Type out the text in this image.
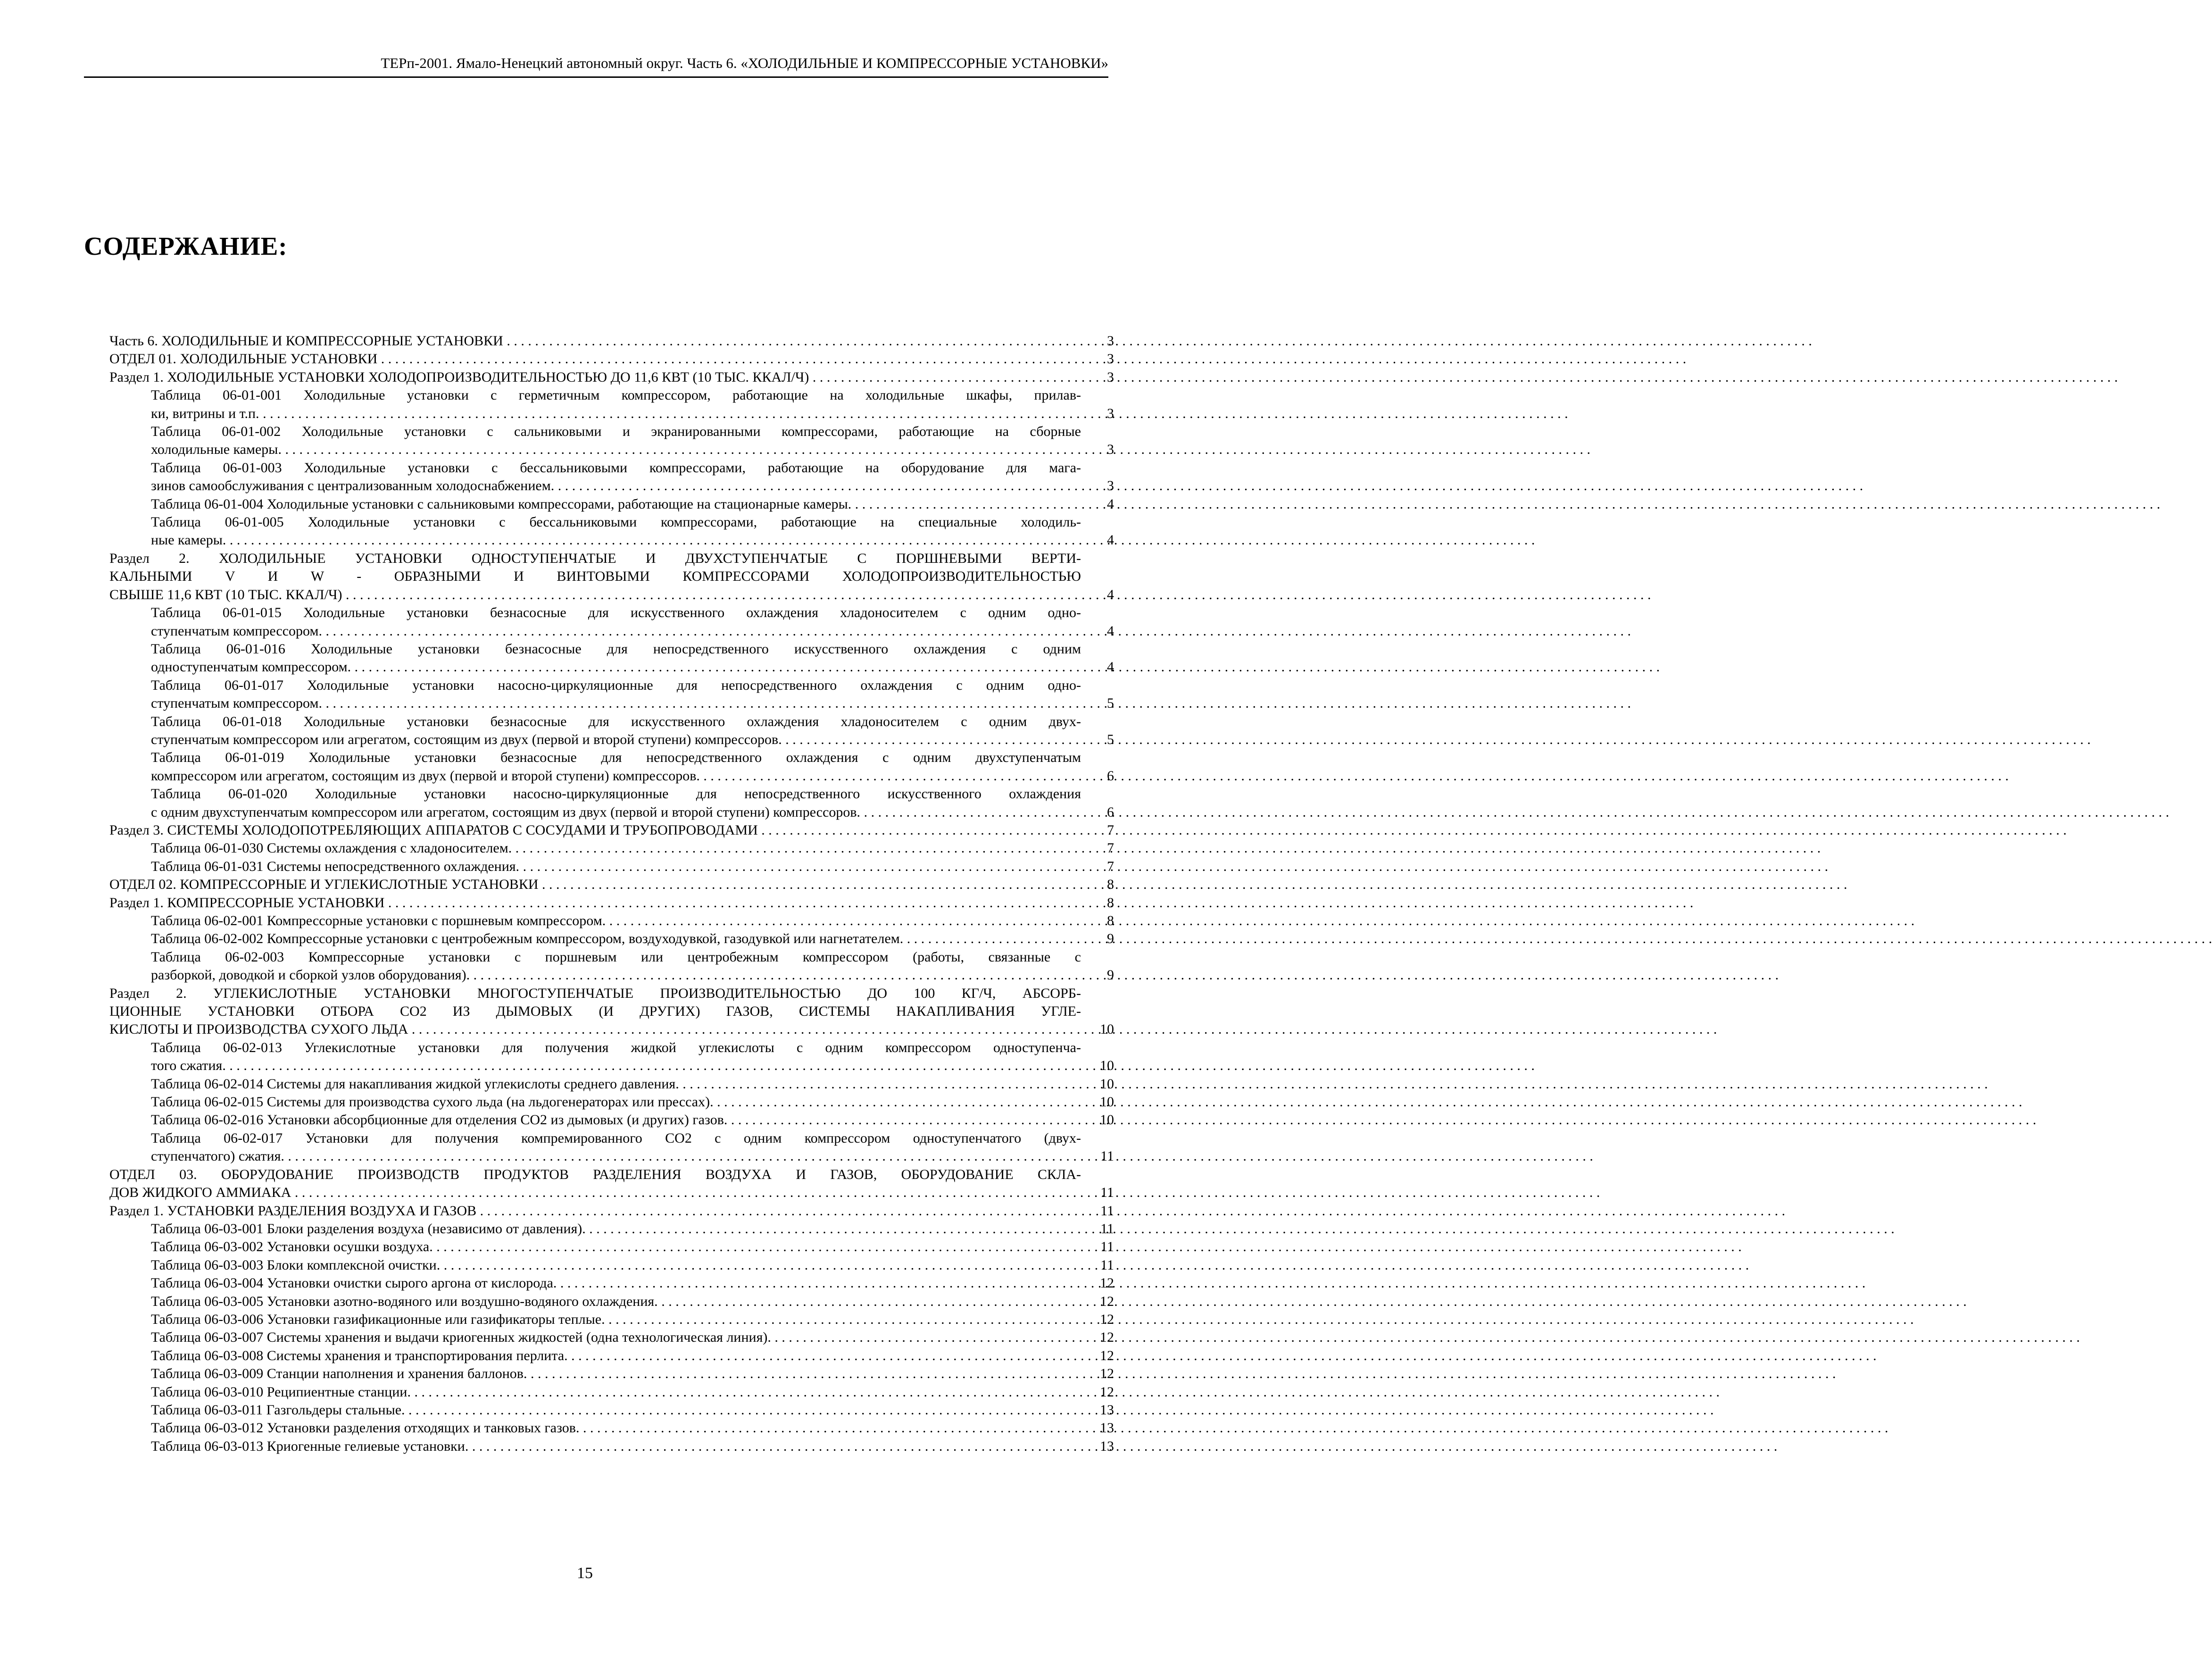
ТЕРп-2001. Ямало-Ненецкий автономный округ. Часть 6. «ХОЛОДИЛЬНЫЕ И КОМПРЕССОРНЫЕ УСТАНОВКИ»
СОДЕРЖАНИЕ:
Часть 6. ХОЛОДИЛЬНЫЕ И КОМПРЕССОРНЫЕ УСТАНОВКИ . . .	3
ОТДЕЛ 01. ХОЛОДИЛЬНЫЕ УСТАНОВКИ . . .	3
Раздел 1. ХОЛОДИЛЬНЫЕ УСТАНОВКИ ХОЛОДОПРОИЗВОДИТЕЛЬНОСТЬЮ ДО 11,6 КВТ (10 ТЫС. ККАЛ/Ч) . . .	3
Таблица 06-01-001 Холодильные установки с герметичным компрессором, работающие на холодильные шкафы, прилав-
ки, витрины и т.п. . . .	3
Таблица 06-01-002 Холодильные установки с сальниковыми и экранированными компрессорами, работающие на сборные
холодильные камеры. . . .	3
Таблица 06-01-003 Холодильные установки с бессальниковыми компрессорами, работающие на оборудование для мага-
зинов самообслуживания с централизованным холодоснабжением. . . .	3
Таблица 06-01-004 Холодильные установки с сальниковыми компрессорами, работающие на стационарные камеры. . . .	4
Таблица 06-01-005 Холодильные установки с бессальниковыми компрессорами, работающие на специальные холодиль-
ные камеры. . . .	4
Раздел 2. ХОЛОДИЛЬНЫЕ УСТАНОВКИ ОДНОСТУПЕНЧАТЫЕ И ДВУХСТУПЕНЧАТЫЕ С ПОРШНЕВЫМИ ВЕРТИ-
КАЛЬНЫМИ V И W - ОБРАЗНЫМИ И ВИНТОВЫМИ КОМПРЕССОРАМИ ХОЛОДОПРОИЗВОДИТЕЛЬНОСТЬЮ
СВЫШЕ 11,6 КВТ (10 ТЫС. ККАЛ/Ч) . . .	4
Таблица 06-01-015 Холодильные установки безнасосные для искусственного охлаждения хладоносителем с одним одно-
ступенчатым компрессором. . . .	4
Таблица 06-01-016 Холодильные установки безнасосные для непосредственного искусственного охлаждения с одним
одноступенчатым компрессором. . . .	4
Таблица 06-01-017 Холодильные установки насосно-циркуляционные для непосредственного охлаждения с одним одно-
ступенчатым компрессором. . . .	5
Таблица 06-01-018 Холодильные установки безнасосные для искусственного охлаждения хладоносителем с одним двух-
ступенчатым компрессором или агрегатом, состоящим из двух (первой и второй ступени) компрессоров. . . .	5
Таблица 06-01-019 Холодильные установки безнасосные для непосредственного охлаждения с одним двухступенчатым
компрессором или агрегатом, состоящим из двух (первой и второй ступени) компрессоров. . . .	6
Таблица 06-01-020 Холодильные установки насосно-циркуляционные для непосредственного искусственного охлаждения
с одним двухступенчатым компрессором или агрегатом, состоящим из двух (первой и второй ступени) компрессоров. . . .	6
Раздел 3. СИСТЕМЫ ХОЛОДОПОТРЕБЛЯЮЩИХ АППАРАТОВ С СОСУДАМИ И ТРУБОПРОВОДАМИ . . .	7
Таблица 06-01-030 Системы охлаждения с хладоносителем. . . .	7
Таблица 06-01-031 Системы непосредственного охлаждения. . . .	7
ОТДЕЛ 02. КОМПРЕССОРНЫЕ И УГЛЕКИСЛОТНЫЕ УСТАНОВКИ . . .	8
Раздел 1. КОМПРЕССОРНЫЕ УСТАНОВКИ . . .	8
Таблица 06-02-001 Компрессорные установки с поршневым компрессором. . . .	8
Таблица 06-02-002 Компрессорные установки с центробежным компрессором, воздуходувкой, газодувкой или нагнетателем. . . .	9
Таблица 06-02-003 Компрессорные установки с поршневым или центробежным компрессором (работы, связанные с
разборкой, доводкой и сборкой узлов оборудования). . . .	9
Раздел 2. УГЛЕКИСЛОТНЫЕ УСТАНОВКИ МНОГОСТУПЕНЧАТЫЕ ПРОИЗВОДИТЕЛЬНОСТЬЮ ДО 100 КГ/Ч, АБСОРБ-
ЦИОННЫЕ УСТАНОВКИ ОТБОРА СО2 ИЗ ДЫМОВЫХ (И ДРУГИХ) ГАЗОВ, СИСТЕМЫ НАКАПЛИВАНИЯ УГЛЕ-
КИСЛОТЫ И ПРОИЗВОДСТВА СУХОГО ЛЬДА . . .	10
Таблица 06-02-013 Углекислотные установки для получения жидкой углекислоты с одним компрессором одноступенча-
того сжатия. . . .	10
Таблица 06-02-014 Системы для накапливания жидкой углекислоты среднего давления. . . .	10
Таблица 06-02-015 Системы для производства сухого льда (на льдогенераторах или прессах). . . .	10
Таблица 06-02-016 Установки абсорбционные для отделения СО2 из дымовых (и других) газов. . . .	10
Таблица 06-02-017 Установки для получения компремированного СО2 с одним компрессором одноступенчатого (двух-
ступенчатого) сжатия. . . .	11
ОТДЕЛ 03. ОБОРУДОВАНИЕ ПРОИЗВОДСТВ ПРОДУКТОВ РАЗДЕЛЕНИЯ ВОЗДУХА И ГАЗОВ, ОБОРУДОВАНИЕ СКЛА-
ДОВ ЖИДКОГО АММИАКА . . .	11
Раздел 1. УСТАНОВКИ РАЗДЕЛЕНИЯ ВОЗДУХА И ГАЗОВ . . .	11
Таблица 06-03-001 Блоки разделения воздуха (независимо от давления). . . .	11
Таблица 06-03-002 Установки осушки воздуха. . . .	11
Таблица 06-03-003 Блоки комплексной очистки. . . .	11
Таблица 06-03-004 Установки очистки сырого аргона от кислорода. . . .	12
Таблица 06-03-005 Установки азотно-водяного или воздушно-водяного охлаждения. . . .	12
Таблица 06-03-006 Установки газификационные или газификаторы теплые. . . .	12
Таблица 06-03-007 Системы хранения и выдачи криогенных жидкостей (одна технологическая линия). . . .	12
Таблица 06-03-008 Системы хранения и транспортирования перлита. . . .	12
Таблица 06-03-009 Станции наполнения и хранения баллонов. . . .	12
Таблица 06-03-010 Реципиентные станции. . . .	12
Таблица 06-03-011 Газгольдеры стальные. . . .	13
Таблица 06-03-012 Установки разделения отходящих и танковых газов. . . .	13
Таблица 06-03-013 Криогенные гелиевые установки. . . .	13
15
